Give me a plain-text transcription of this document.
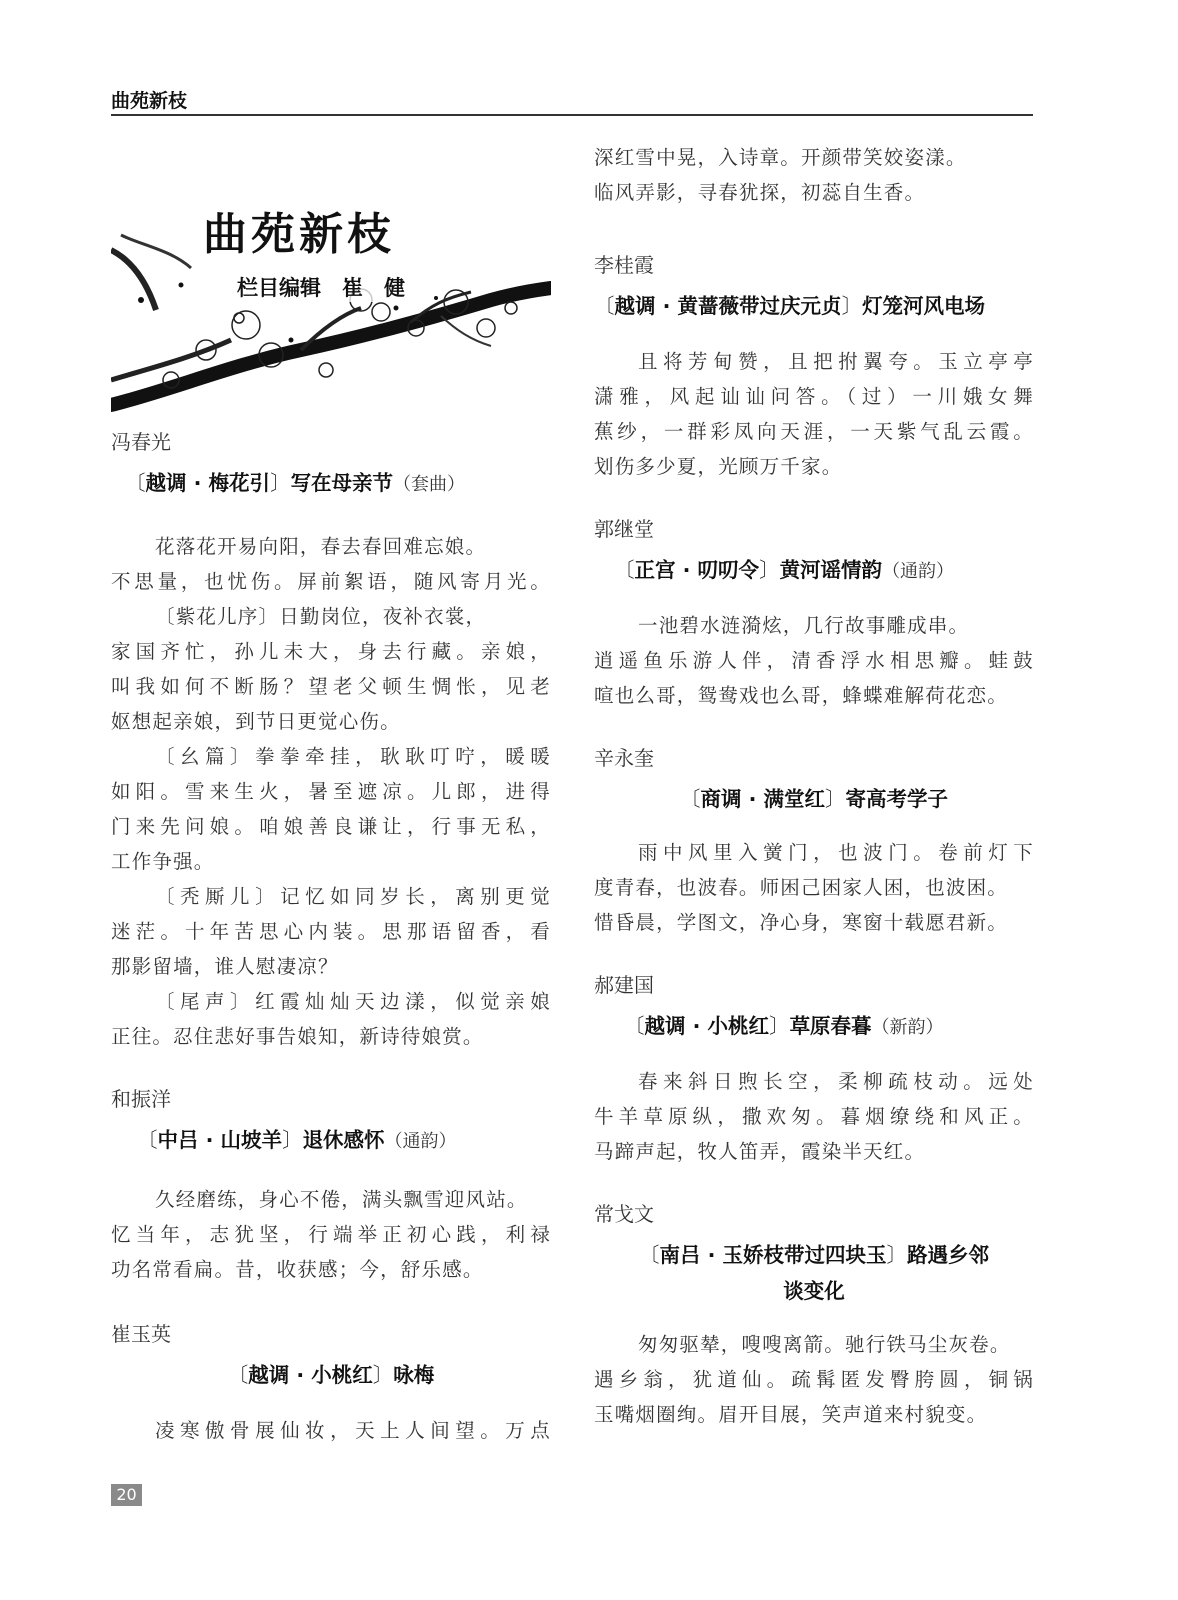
曲苑新枝
曲苑新枝
栏目编辑　崔　健
冯春光
〔越调 · 梅花引〕写在母亲节（套曲）
花落花开易向阳，春去春回难忘娘。
不思量，也忧伤。屏前絮语，随风寄月光。
〔紫花儿序〕日勤岗位，夜补衣裳，
家国齐忙，孙儿未大，身去行藏。亲娘，
叫我如何不断肠？望老父顿生惆怅，见老
妪想起亲娘，到节日更觉心伤。
〔幺篇〕拳拳牵挂，耿耿叮咛，暖暖
如阳。雪来生火，暑至遮凉。儿郎，进得
门来先问娘。咱娘善良谦让，行事无私，
工作争强。
〔秃厮儿〕记忆如同岁长，离别更觉
迷茫。十年苦思心内装。思那语留香，看
那影留墙，谁人慰凄凉？
〔尾声〕红霞灿灿天边漾，似觉亲娘
正往。忍住悲好事告娘知，新诗待娘赏。
和振洋
〔中吕 · 山坡羊〕退休感怀（通韵）
久经磨练，身心不倦，满头飘雪迎风站。
忆当年，志犹坚，行端举正初心践，利禄
功名常看扁。昔，收获感；今，舒乐感。
崔玉英
〔越调 · 小桃红〕咏梅
凌寒傲骨展仙妆，天上人间望。万点
深红雪中晃，入诗章。开颜带笑姣姿漾。
临风弄影，寻春犹探，初蕊自生香。
李桂霞
〔越调 · 黄蔷薇带过庆元贞〕灯笼河风电场
且将芳甸赞，且把拊翼夸。玉立亭亭
潇雅，风起讪讪问答。（过）一川娥女舞
蕉纱，一群彩凤向天涯，一天紫气乱云霞。
划伤多少夏，光顾万千家。
郭继堂
〔正宫 · 叨叨令〕黄河谣情韵（通韵）
一池碧水涟漪炫，几行故事雕成串。
逍遥鱼乐游人伴，清香浮水相思瓣。蛙鼓
喧也么哥，鸳鸯戏也么哥，蜂蝶难解荷花恋。
辛永奎
〔商调 · 满堂红〕寄高考学子
雨中风里入黉门，也波门。卷前灯下
度青春，也波春。师困己困家人困，也波困。
惜昏晨，学图文，净心身，寒窗十载愿君新。
郝建国
〔越调 · 小桃红〕草原春暮（新韵）
春来斜日煦长空，柔柳疏枝动。远处
牛羊草原纵，撒欢匆。暮烟缭绕和风正。
马蹄声起，牧人笛弄，霞染半天红。
常戈文
〔南吕 · 玉娇枝带过四块玉〕路遇乡邻
谈变化
匆匆驱辇，嗖嗖离箭。驰行铁马尘灰卷。
遇乡翁，犹道仙。疏髯匿发臀胯圆，铜锅
玉嘴烟圈绚。眉开目展，笑声道来村貌变。
20
